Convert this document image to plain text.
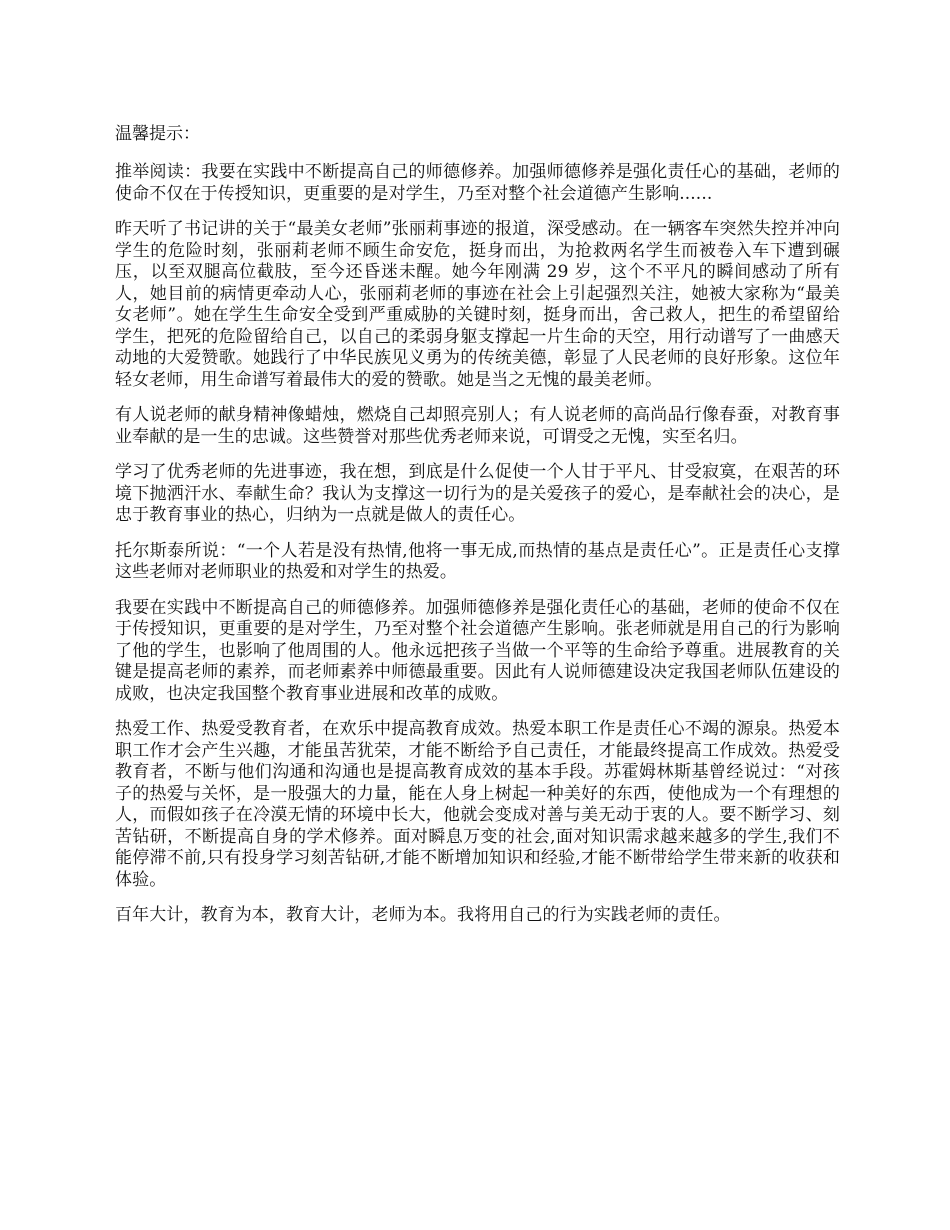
温馨提示：

推举阅读：我要在实践中不断提高自己的师德修养。加强师德修养是强化责任心的基础，老师的使命不仅在于传授知识，更重要的是对学生，乃至对整个社会道德产生影响......

昨天听了书记讲的关于“最美女老师”张丽莉事迹的报道，深受感动。在一辆客车突然失控并冲向学生的危险时刻，张丽莉老师不顾生命安危，挺身而出，为抢救两名学生而被卷入车下遭到碾压，以至双腿高位截肢，至今还昏迷未醒。她今年刚满 29 岁，这个不平凡的瞬间感动了所有人，她目前的病情更牵动人心，张丽莉老师的事迹在社会上引起强烈关注，她被大家称为“最美女老师”。她在学生生命安全受到严重威胁的关键时刻，挺身而出，舍己救人，把生的希望留给学生，把死的危险留给自己，以自己的柔弱身躯支撑起一片生命的天空，用行动谱写了一曲感天动地的大爱赞歌。她践行了中华民族见义勇为的传统美德，彰显了人民老师的良好形象。这位年轻女老师，用生命谱写着最伟大的爱的赞歌。她是当之无愧的最美老师。

有人说老师的献身精神像蜡烛，燃烧自己却照亮别人；有人说老师的高尚品行像春蚕，对教育事业奉献的是一生的忠诚。这些赞誉对那些优秀老师来说，可谓受之无愧，实至名归。

学习了优秀老师的先进事迹，我在想，到底是什么促使一个人甘于平凡、甘受寂寞，在艰苦的环境下抛洒汗水、奉献生命？我认为支撑这一切行为的是关爱孩子的爱心，是奉献社会的决心，是忠于教育事业的热心，归纳为一点就是做人的责任心。

托尔斯泰所说：“一个人若是没有热情,他将一事无成,而热情的基点是责任心”。正是责任心支撑这些老师对老师职业的热爱和对学生的热爱。

我要在实践中不断提高自己的师德修养。加强师德修养是强化责任心的基础，老师的使命不仅在于传授知识，更重要的是对学生，乃至对整个社会道德产生影响。张老师就是用自己的行为影响了他的学生，也影响了他周围的人。他永远把孩子当做一个平等的生命给予尊重。进展教育的关键是提高老师的素养，而老师素养中师德最重要。因此有人说师德建设决定我国老师队伍建设的成败，也决定我国整个教育事业进展和改革的成败。

热爱工作、热爱受教育者，在欢乐中提高教育成效。热爱本职工作是责任心不竭的源泉。热爱本职工作才会产生兴趣，才能虽苦犹荣，才能不断给予自己责任，才能最终提高工作成效。热爱受教育者，不断与他们沟通和沟通也是提高教育成效的基本手段。苏霍姆林斯基曾经说过：“对孩子的热爱与关怀，是一股强大的力量，能在人身上树起一种美好的东西，使他成为一个有理想的人，而假如孩子在冷漠无情的环境中长大，他就会变成对善与美无动于衷的人。要不断学习、刻苦钻研，不断提高自身的学术修养。面对瞬息万变的社会,面对知识需求越来越多的学生,我们不能停滞不前,只有投身学习刻苦钻研,才能不断增加知识和经验,才能不断带给学生带来新的收获和体验。

百年大计，教育为本，教育大计，老师为本。我将用自己的行为实践老师的责任。
